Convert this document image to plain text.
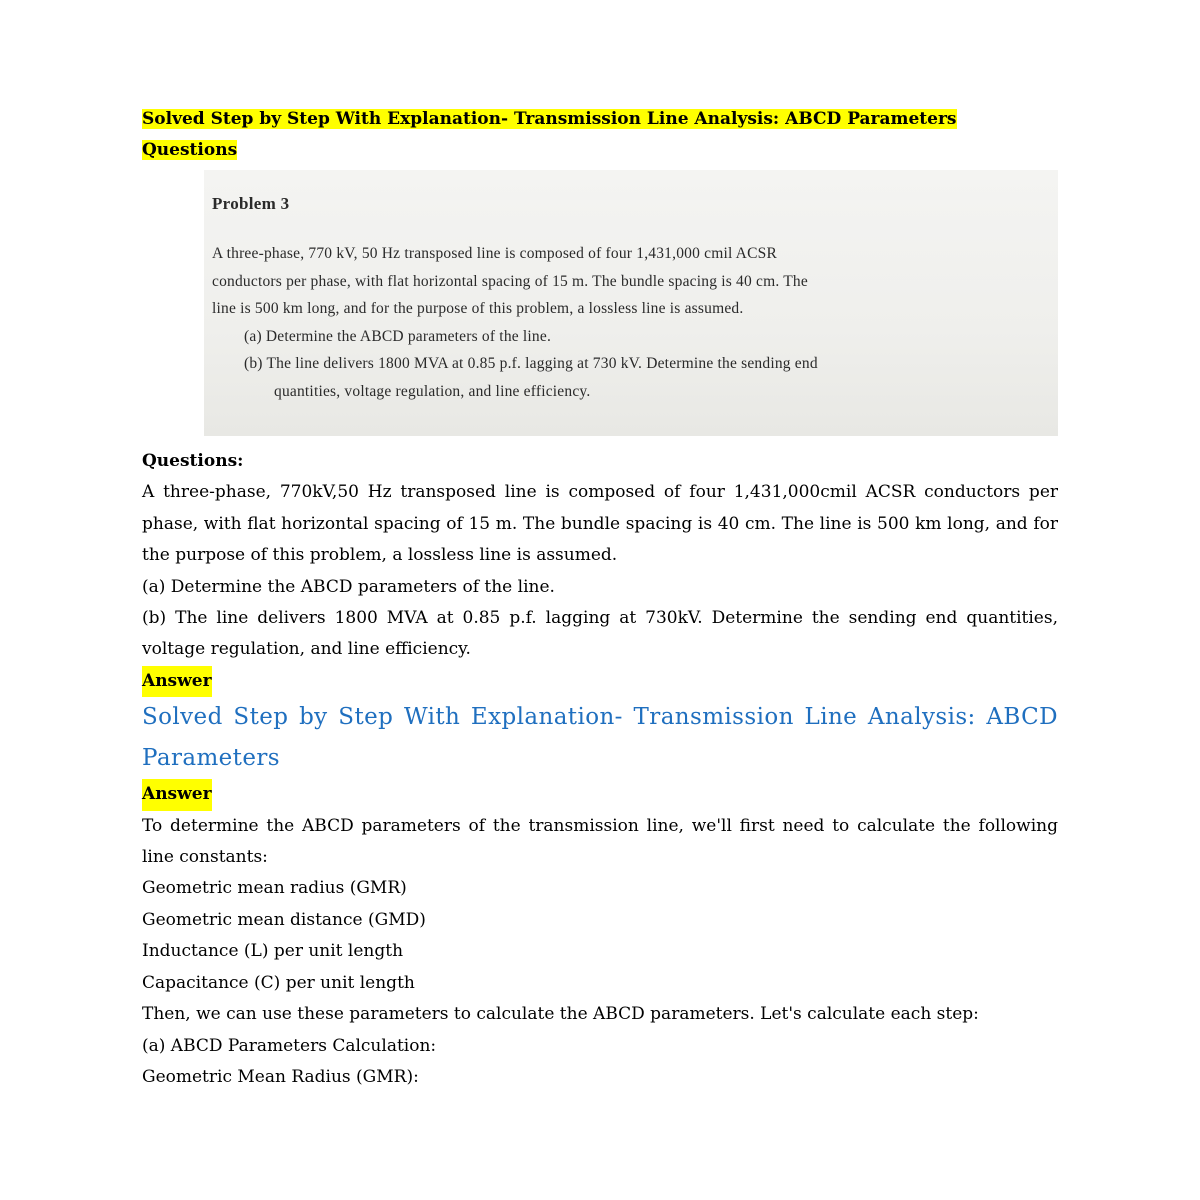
Solved Step by Step With Explanation- Transmission Line Analysis: ABCD Parameters
Questions
Problem 3
A three-phase, 770 kV, 50 Hz transposed line is composed of four 1,431,000 cmil ACSR
conductors per phase, with flat horizontal spacing of 15 m. The bundle spacing is 40 cm. The
line is 500 km long, and for the purpose of this problem, a lossless line is assumed.
(a) Determine the ABCD parameters of the line.
(b) The line delivers 1800 MVA at 0.85 p.f. lagging at 730 kV. Determine the sending end
quantities, voltage regulation, and line efficiency.

Questions:

A three-phase, 770kV,50 Hz transposed line is composed of four 1,431,000cmil ACSR conductors per phase, with flat horizontal spacing of 15 m. The bundle spacing is 40 cm. The line is 500 km long, and for the purpose of this problem, a lossless line is assumed.

(a) Determine the ABCD parameters of the line.

(b) The line delivers 1800 MVA at 0.85 p.f. lagging at 730kV. Determine the sending end quantities, voltage regulation, and line efficiency.

Answer

Solved Step by Step With Explanation- Transmission Line Analysis: ABCD Parameters

Answer

To determine the ABCD parameters of the transmission line, we'll first need to calculate the following line constants:

Geometric mean radius (GMR)

Geometric mean distance (GMD)

Inductance (L) per unit length

Capacitance (C) per unit length

Then, we can use these parameters to calculate the ABCD parameters. Let's calculate each step:

(a) ABCD Parameters Calculation:

Geometric Mean Radius (GMR):
